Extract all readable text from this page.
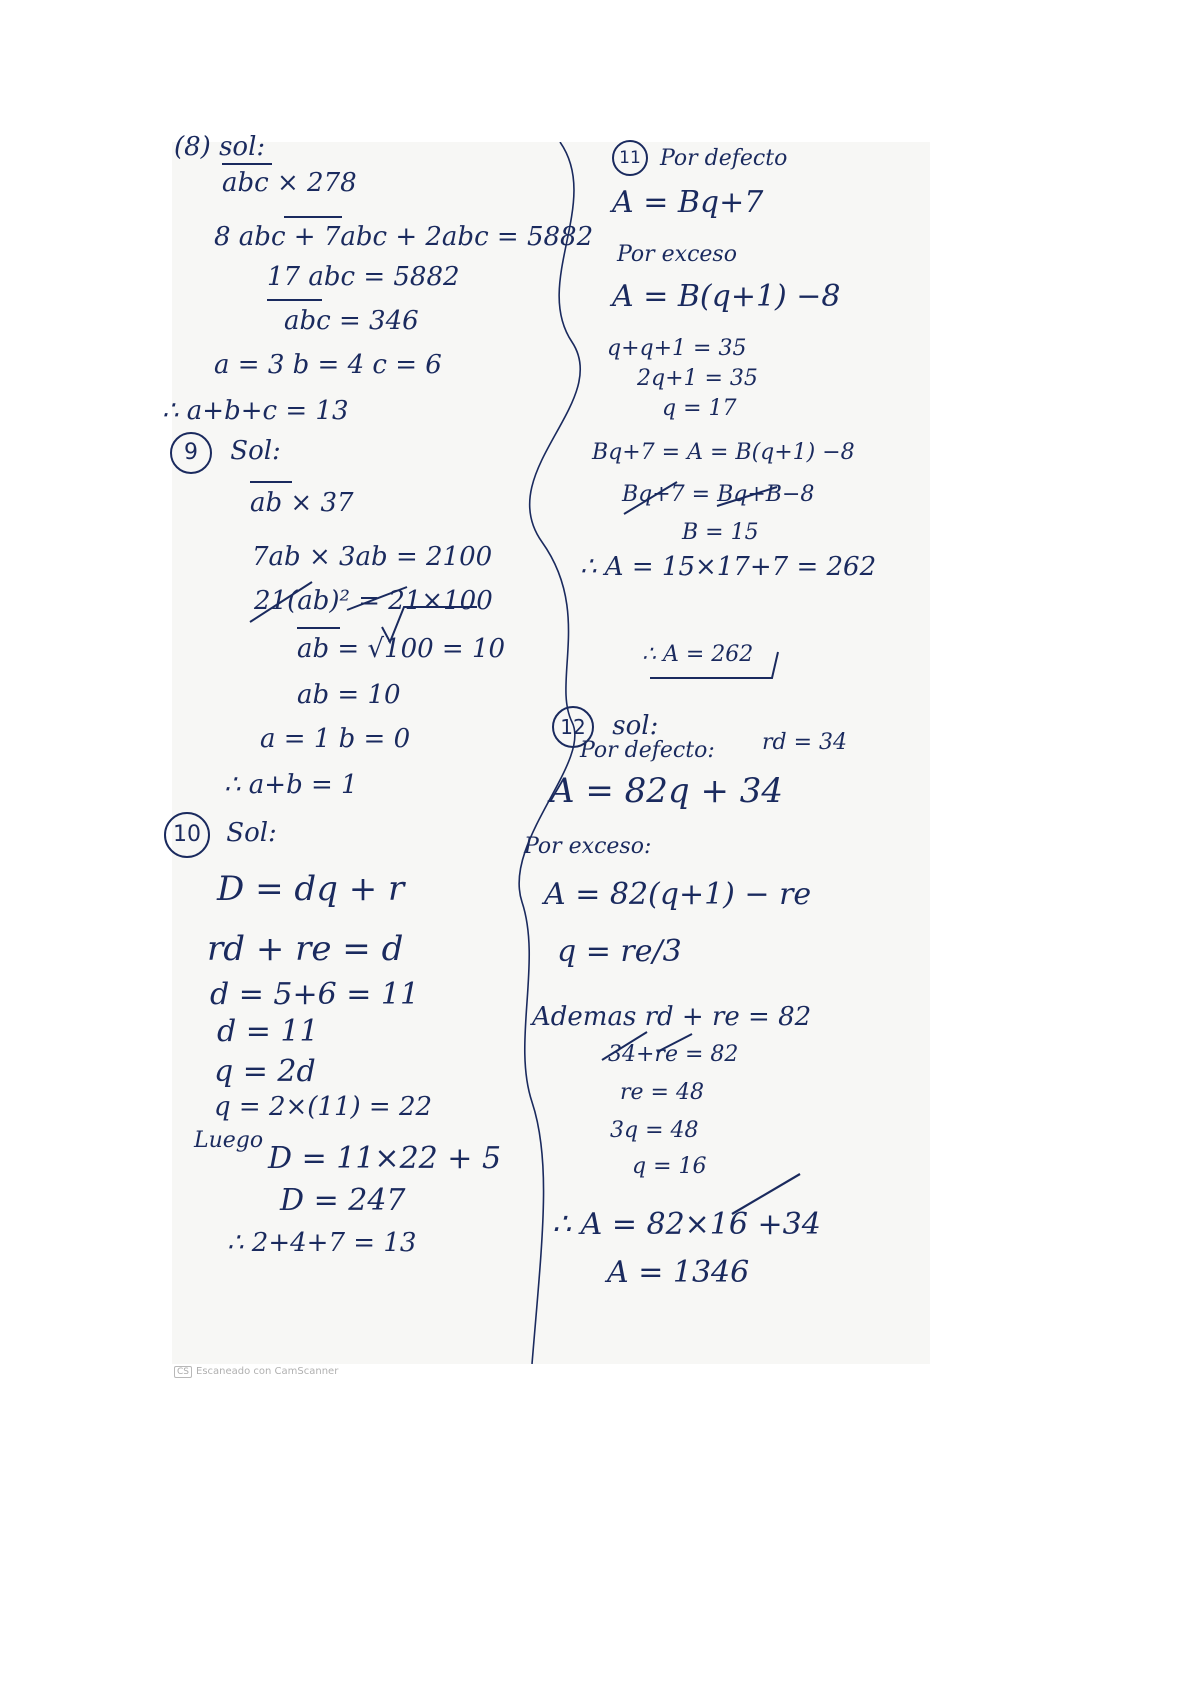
(8) sol:
abc × 278
8 abc + 7abc + 2abc = 5882
17 abc = 5882
abc = 346
a = 3 b = 4 c = 6
∴ a+b+c = 13
9 Sol:
ab × 37
7ab × 3ab = 2100
21(ab)² = 21×100
ab = √100 = 10
ab = 10
a = 1 b = 0
∴ a+b = 1
10 Sol:
D = dq + r
rd + re = d
d = 5+6 = 11
d = 11
q = 2d
q = 2×(11) = 22
Luego
D = 11×22 + 5
D = 247
∴ 2+4+7 = 13
11 Por defecto
A = Bq+7
Por exceso
A = B(q+1) −8
q+q+1 = 35
2q+1 = 35
q = 17
Bq+7 = A = B(q+1) −8
Bq+7 = Bq+B−8
B = 15
∴ A = 15×17+7 = 262
∴ A = 262
12 sol:
Por defecto: rd = 34
A = 82q + 34
Por exceso:
A = 82(q+1) − re
q = re/3
Ademas rd + re = 82
34+re = 82
re = 48
3q = 48
q = 16
∴ A = 82×16 +34
A = 1346
CS Escaneado con CamScanner
